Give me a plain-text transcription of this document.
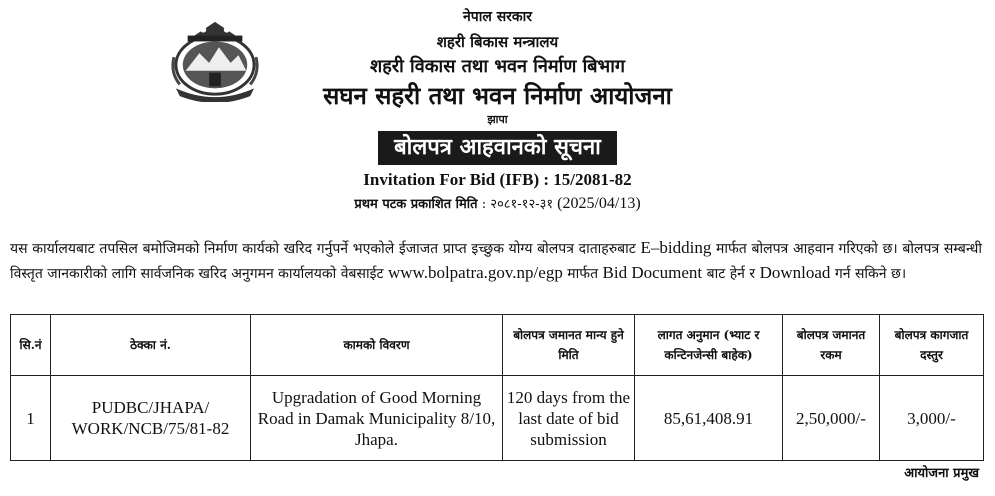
नेपाल सरकार
शहरी बिकास मन्त्रालय
शहरी विकास तथा भवन निर्माण बिभाग
सघन सहरी तथा भवन निर्माण आयोजना
झापा
बोलपत्र आहवानको सूचना
Invitation For Bid (IFB) : 15/2081-82
प्रथम पटक प्रकाशित मिति : २०८१-१२-३१ (2025/04/13)
यस कार्यालयबाट तपसिल बमोजिमको निर्माण कार्यको खरिद गर्नुपर्ने भएकोले ईजाजत प्राप्त इच्छुक योग्य बोलपत्र दाताहरुबाट E–bidding मार्फत बोलपत्र आहवान गरिएको छ। बोलपत्र सम्बन्धी विस्तृत जानकारीको लागि सार्वजनिक खरिद अनुगमन कार्यालयको वेबसाईट www.bolpatra.gov.np/egp मार्फत Bid Document बाट हेर्न र Download गर्न सकिने छ।
सि.नं	ठेक्का नं.	कामको विवरण	बोलपत्र जमानत मान्य हुने मिति	लागत अनुमान (भ्याट र कन्टिनजेन्सी बाहेक)	बोलपत्र जमानत रकम	बोलपत्र कागजात दस्तुर
1	PUDBC/JHAPA/ WORK/NCB/75/81-82	Upgradation of Good Morning Road in Damak Municipality 8/10, Jhapa.	120 days from the last date of bid submission	85,61,408.91	2,50,000/-	3,000/-
आयोजना प्रमुख
